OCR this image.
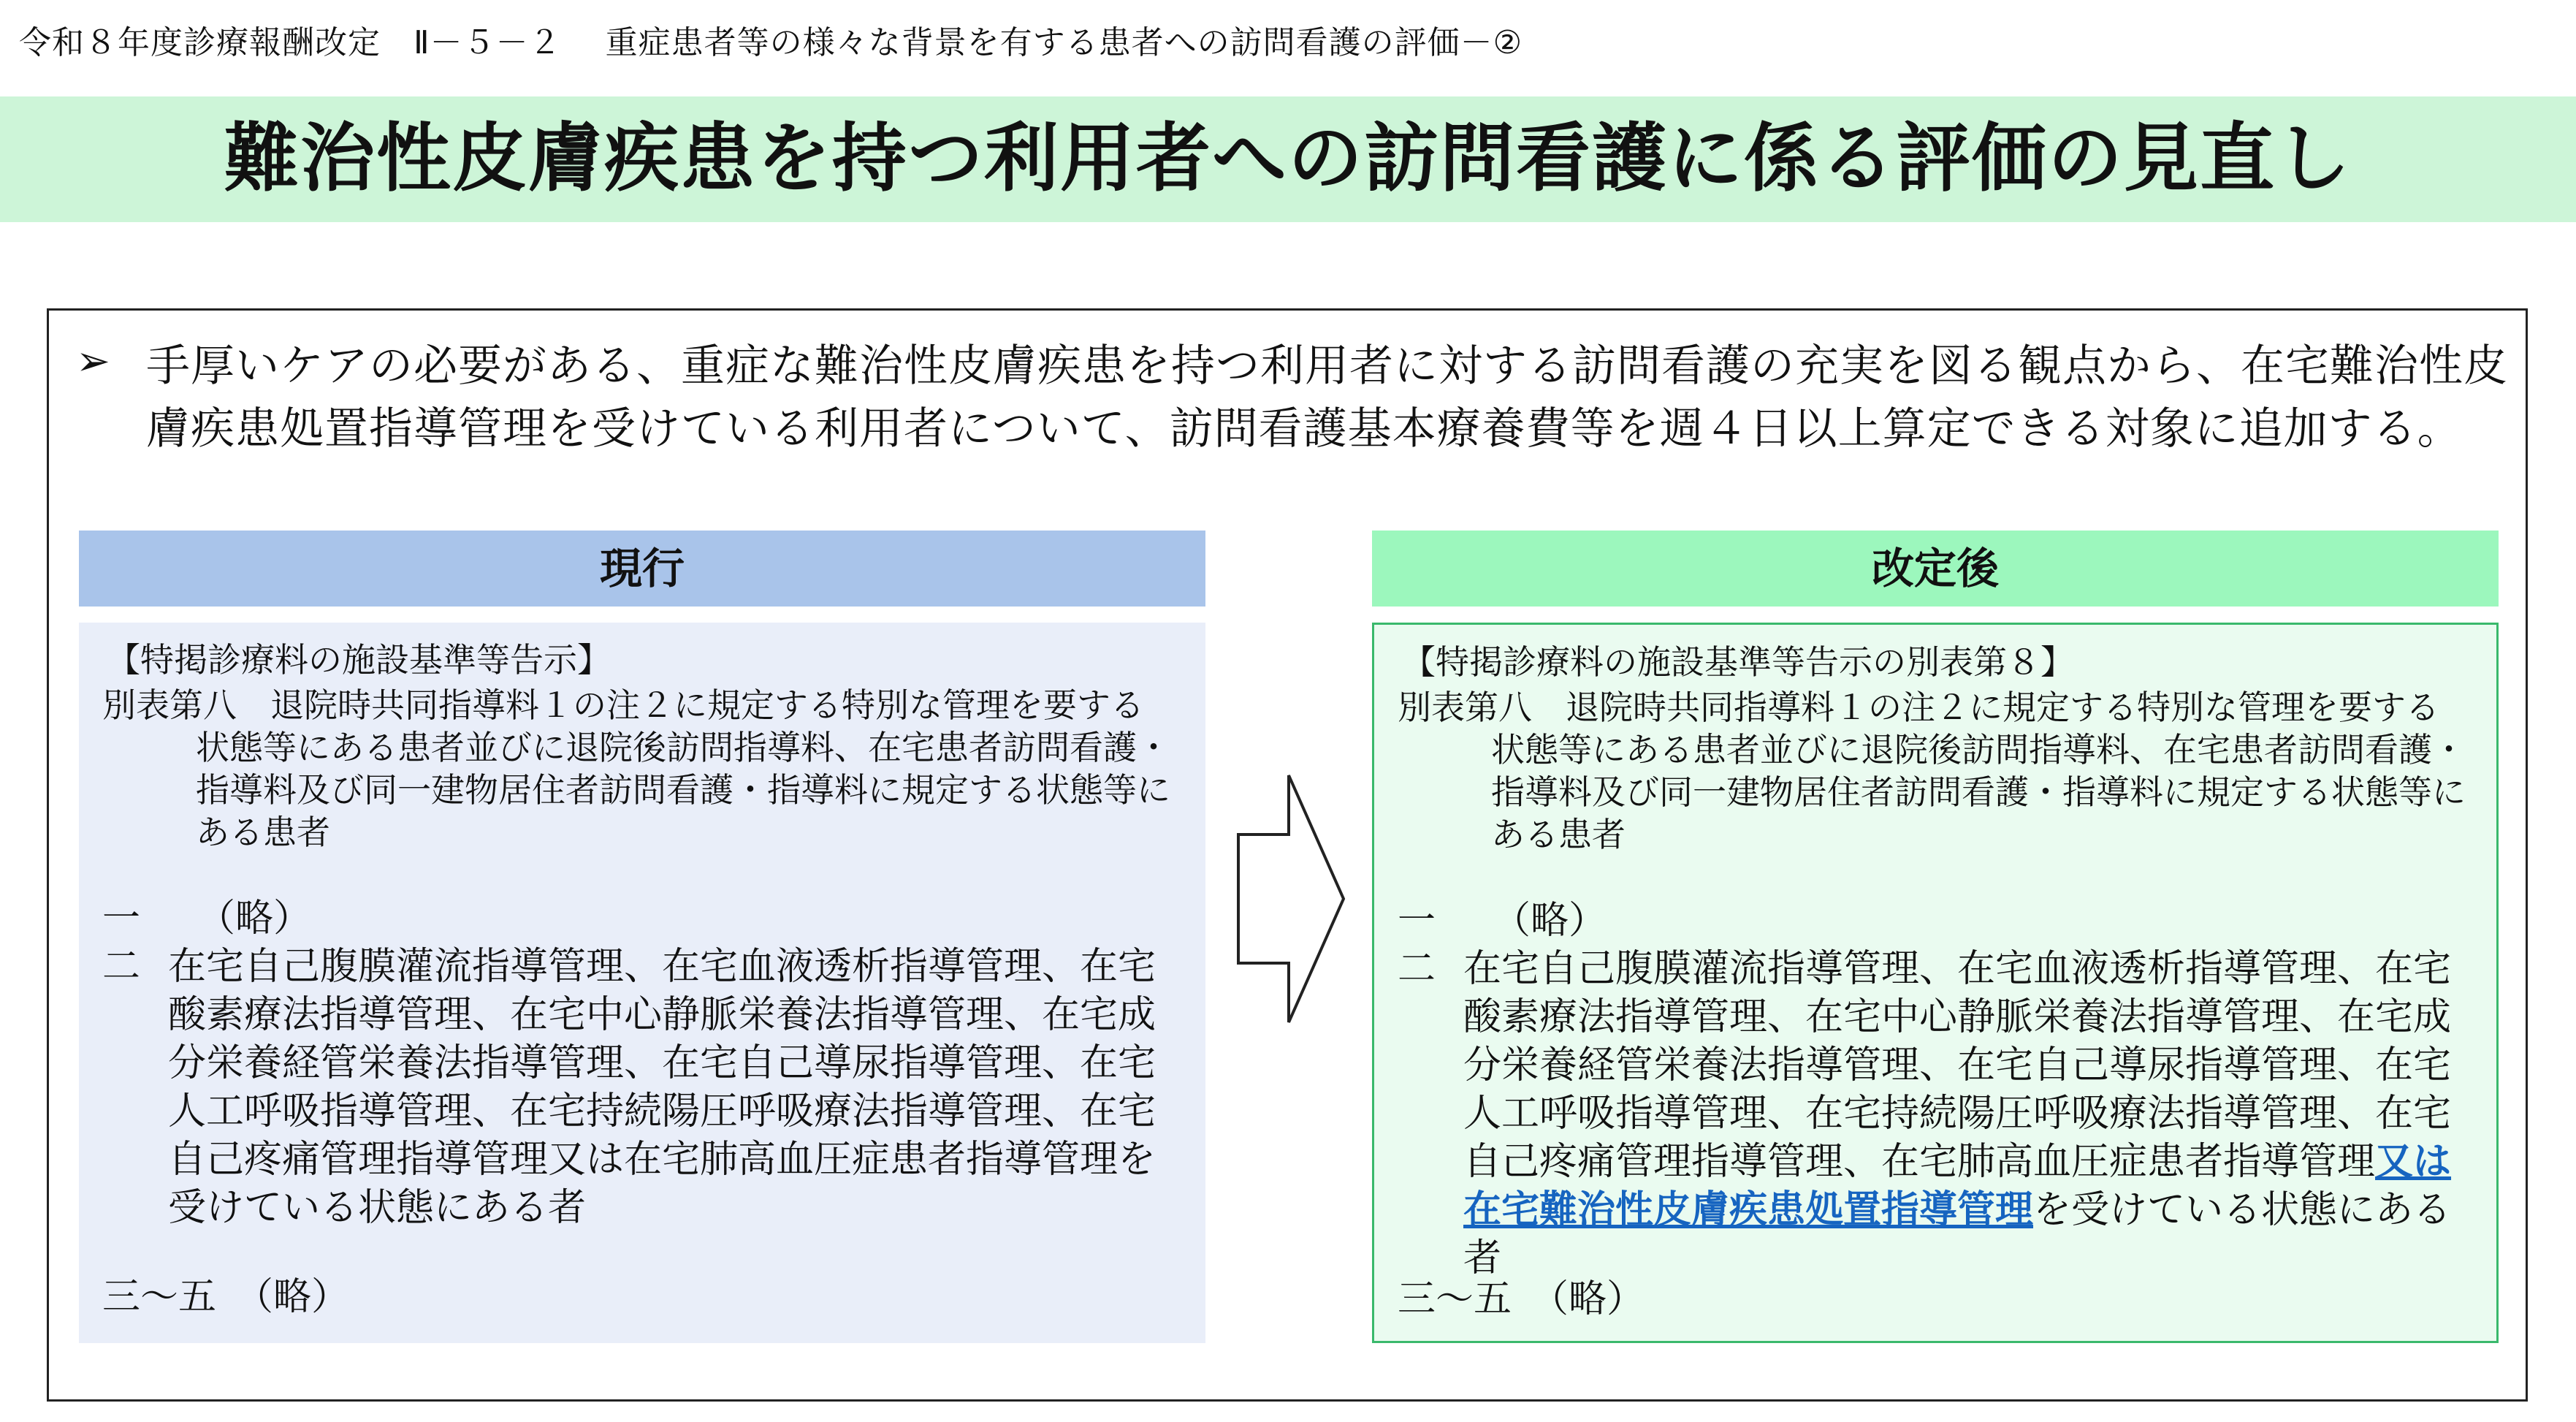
令和８年度診療報酬改定　Ⅱ－５－２　 重症患者等の様々な背景を有する患者への訪問看護の評価－②
難治性皮膚疾患を持つ利用者への訪問看護に係る評価の見直し
➢ 手厚いケアの必要がある、重症な難治性皮膚疾患を持つ利用者に対する訪問看護の充実を図る観点から、在宅難治性皮膚疾患処置指導管理を受けている利用者について、訪問看護基本療養費等を週４日以上算定できる対象に追加する。
現行
【特掲診療料の施設基準等告示】
別表第八　退院時共同指導料１の注２に規定する特別な管理を要する
状態等にある患者並びに退院後訪問指導料、在宅患者訪問看護・指導料及び同一建物居住者訪問看護・指導料に規定する状態等にある患者
一 （略）
二 在宅自己腹膜灌流指導管理、在宅血液透析指導管理、在宅酸素療法指導管理、在宅中心静脈栄養法指導管理、在宅成分栄養経管栄養法指導管理、在宅自己導尿指導管理、在宅人工呼吸指導管理、在宅持続陽圧呼吸療法指導管理、在宅自己疼痛管理指導管理又は在宅肺高血圧症患者指導管理を受けている状態にある者
三～五　（略）
改定後
【特掲診療料の施設基準等告示の別表第８】
別表第八　退院時共同指導料１の注２に規定する特別な管理を要する
状態等にある患者並びに退院後訪問指導料、在宅患者訪問看護・指導料及び同一建物居住者訪問看護・指導料に規定する状態等にある患者
一 （略）
二 在宅自己腹膜灌流指導管理、在宅血液透析指導管理、在宅酸素療法指導管理、在宅中心静脈栄養法指導管理、在宅成分栄養経管栄養法指導管理、在宅自己導尿指導管理、在宅人工呼吸指導管理、在宅持続陽圧呼吸療法指導管理、在宅自己疼痛管理指導管理、在宅肺高血圧症患者指導管理又は在宅難治性皮膚疾患処置指導管理を受けている状態にある者
三～五　（略）
